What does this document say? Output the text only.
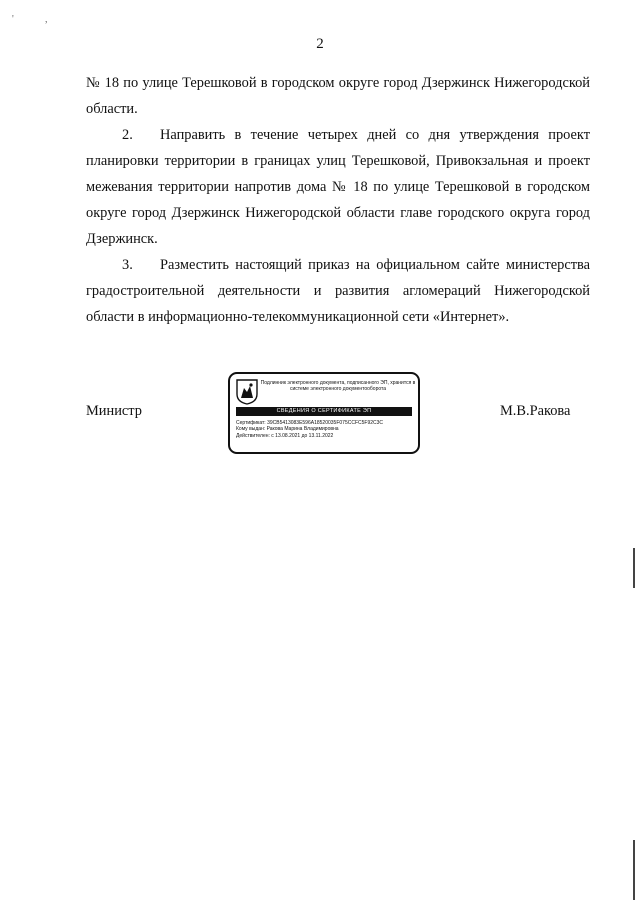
'	,
2

№ 18 по улице Терешковой в городском округе город Дзержинск Нижегородской области.

2. Направить в течение четырех дней со дня утверждения проект планировки территории в границах улиц Терешковой, Привокзальная и проект межевания территории напротив дома № 18 по улице Терешковой в городском округе город Дзержинск Нижегородской области главе городского округа город Дзержинск.

3. Разместить настоящий приказ на официальном сайте министерства градостроительной деятельности и развития агломераций Нижегородской области в информационно-телекоммуникационной сети «Интернет».

Министр	М.В.Ракова
Подлинник электронного документа, подписанного ЭП, хранится в системе электронного документооборота
СВЕДЕНИЯ О СЕРТИФИКАТЕ ЭП
Сертификат: 39CB5413083E596A18520035F075CCFC5F92C3C
Кому выдан: Ракова Марина Владимировна
Действителен: с 13.08.2021 до 13.11.2022
